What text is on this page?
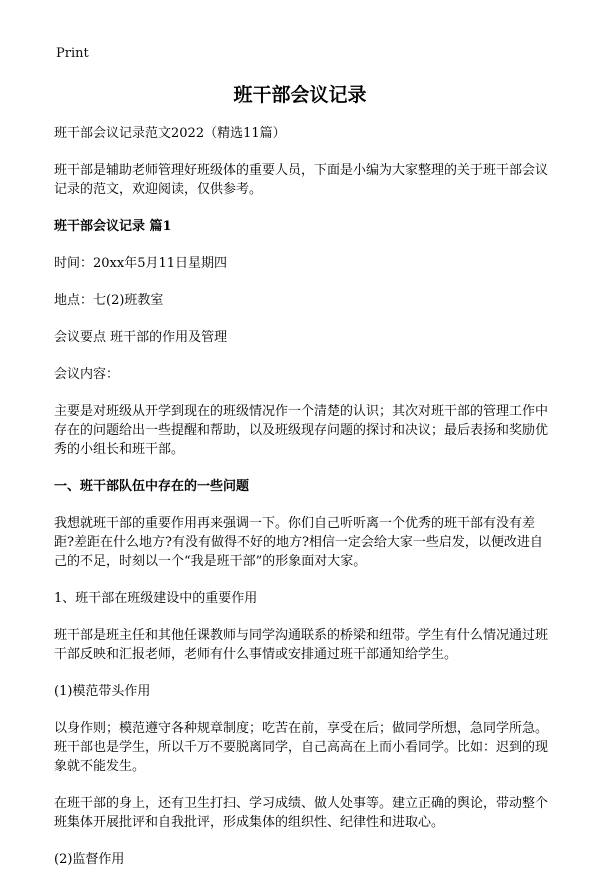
Print
班干部会议记录

班干部会议记录范文2022（精选11篇）

班干部是辅助老师管理好班级体的重要人员，下面是小编为大家整理的关于班干部会议记录的范文，欢迎阅读，仅供参考。

班干部会议记录 篇1

时间：20xx年5月11日星期四

地点：七(2)班教室

会议要点 班干部的作用及管理

会议内容：

主要是对班级从开学到现在的班级情况作一个清楚的认识；其次对班干部的管理工作中存在的问题给出一些提醒和帮助，以及班级现存问题的探讨和决议；最后表扬和奖励优秀的小组长和班干部。

一、班干部队伍中存在的一些问题

我想就班干部的重要作用再来强调一下。你们自己听听离一个优秀的班干部有没有差距?差距在什么地方?有没有做得不好的地方?相信一定会给大家一些启发，以便改进自己的不足，时刻以一个“我是班干部”的形象面对大家。

1、班干部在班级建设中的重要作用

班干部是班主任和其他任课教师与同学沟通联系的桥梁和纽带。学生有什么情况通过班干部反映和汇报老师，老师有什么事情或安排通过班干部通知给学生。

(1)模范带头作用

以身作则；模范遵守各种规章制度；吃苦在前，享受在后；做同学所想，急同学所急。班干部也是学生，所以千万不要脱离同学，自己高高在上而小看同学。比如：迟到的现象就不能发生。

在班干部的身上，还有卫生打扫、学习成绩、做人处事等。建立正确的舆论，带动整个班集体开展批评和自我批评，形成集体的组织性、纪律性和进取心。

(2)监督作用
